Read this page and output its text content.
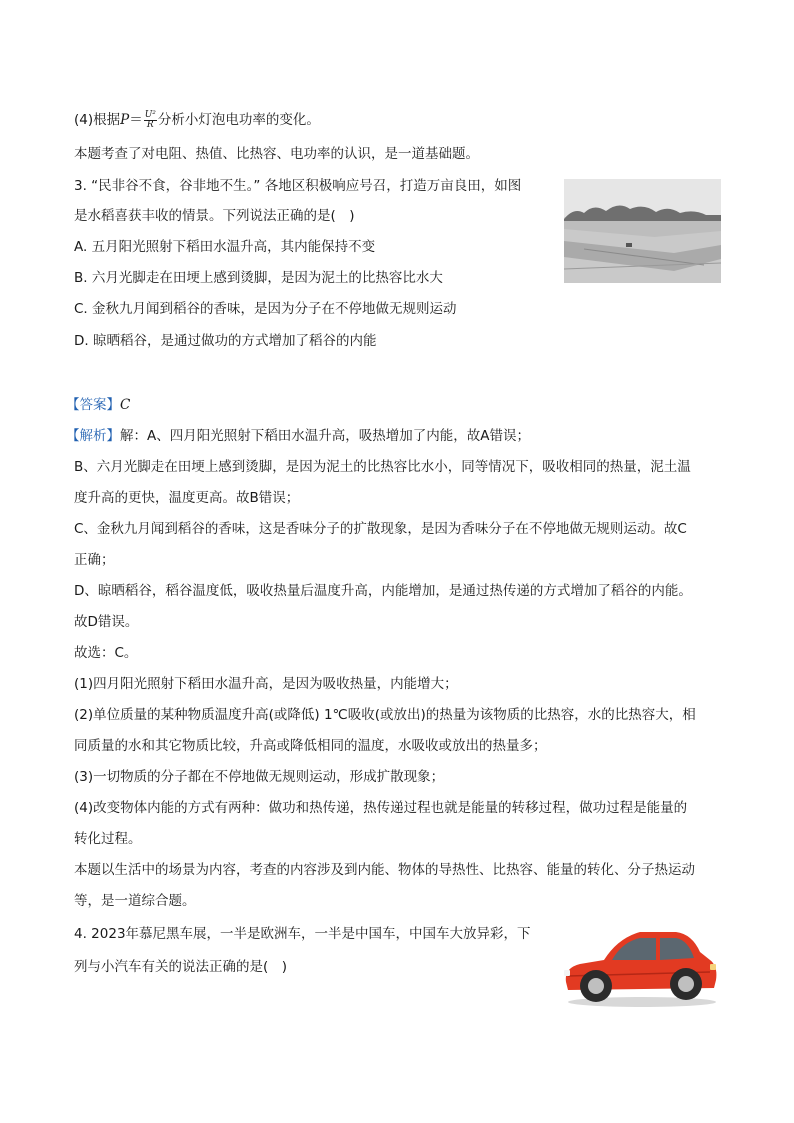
(4)根据$P= \frac{\text{U²}}{R}$ 分析小灯泡电功率的变化。
本题考查了对电阻、热值、比热容、电功率的认识，是一道基础题。
3. “民非谷不食，谷非地不生。” 各地区积极响应号召，打造万亩良田，如图
是水稻喜获丰收的情景。下列说法正确的是(　)
A. 五月阳光照射下稻田水温升高，其内能保持不变
B. 六月光脚走在田埂上感到烫脚，是因为泥土的比热容比水大
C. 金秋九月闻到稻谷的香味，是因为分子在不停地做无规则运动
D. 晾晒稻谷，是通过做功的方式增加了稻谷的内能
【答案】C
【解析】解：A、四月阳光照射下稻田水温升高，吸热增加了内能，故A错误；
B、六月光脚走在田埂上感到烫脚，是因为泥土的比热容比水小，同等情况下，吸收相同的热量，泥土温
度升高的更快，温度更高。故B错误；
C、金秋九月闻到稻谷的香味，这是香味分子的扩散现象，是因为香味分子在不停地做无规则运动。故C
正确；
D、晾晒稻谷，稻谷温度低，吸收热量后温度升高，内能增加，是通过热传递的方式增加了稻谷的内能。
故D错误。
故选：C。
(1)四月阳光照射下稻田水温升高，是因为吸收热量，内能增大；
(2)单位质量的某种物质温度升高(或降低) 1℃吸收(或放出)的热量为该物质的比热容，水的比热容大，相
同质量的水和其它物质比较，升高或降低相同的温度，水吸收或放出的热量多；
(3)一切物质的分子都在不停地做无规则运动，形成扩散现象；
(4)改变物体内能的方式有两种：做功和热传递，热传递过程也就是能量的转移过程，做功过程是能量的
转化过程。
本题以生活中的场景为内容，考查的内容涉及到内能、物体的导热性、比热容、能量的转化、分子热运动
等，是一道综合题。
4. 2023年慕尼黑车展，一半是欧洲车，一半是中国车，中国车大放异彩，下
列与小汽车有关的说法正确的是(　)
